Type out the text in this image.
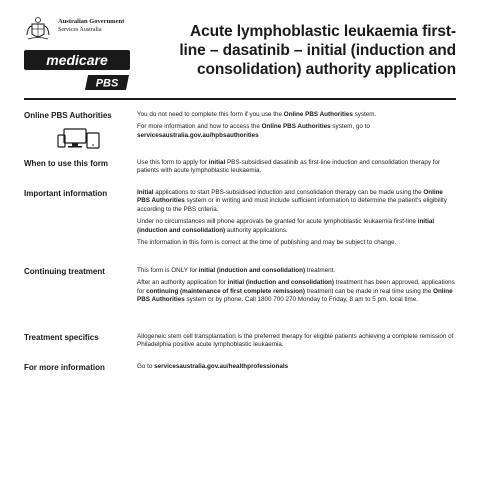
Australian Government
Services Australia
medicare
PBS
Acute lymphoblastic leukaemia first-line – dasatinib – initial (induction and consolidation) authority application
Online PBS Authorities	You do not need to complete this form if you use the Online PBS Authorities system.

For more information and how to access the Online PBS Authorities system, go to servicesaustralia.gov.au/hpbsauthorities

When to use this form	Use this form to apply for initial PBS-subsidised dasatinib as first-line induction and consolidation therapy for patients with acute lymphoblastic leukaemia.

Important information	Initial applications to start PBS-subsidised induction and consolidation therapy can be made using the Online PBS Authorities system or in writing and must include sufficient information to determine the patient's eligibility according to the PBS criteria.

Under no circumstances will phone approvals be granted for acute lymphoblastic leukaemia first-line initial (induction and consolidation) authority applications.

The information in this form is correct at the time of publishing and may be subject to change.

Continuing treatment	This form is ONLY for initial (induction and consolidation) treatment.

After an authority application for initial (induction and consolidation) treatment has been approved, applications for continuing (maintenance of first complete remission) treatment can be made in real time using the Online PBS Authorities system or by phone. Call 1800 700 270 Monday to Friday, 8 am to 5 pm, local time.

Treatment specifics	Allogeneic stem cell transplantation is the preferred therapy for eligible patients achieving a complete remission of Philadelphia positive acute lymphoblastic leukaemia.

For more information	Go to servicesaustralia.gov.au/healthprofessionals
